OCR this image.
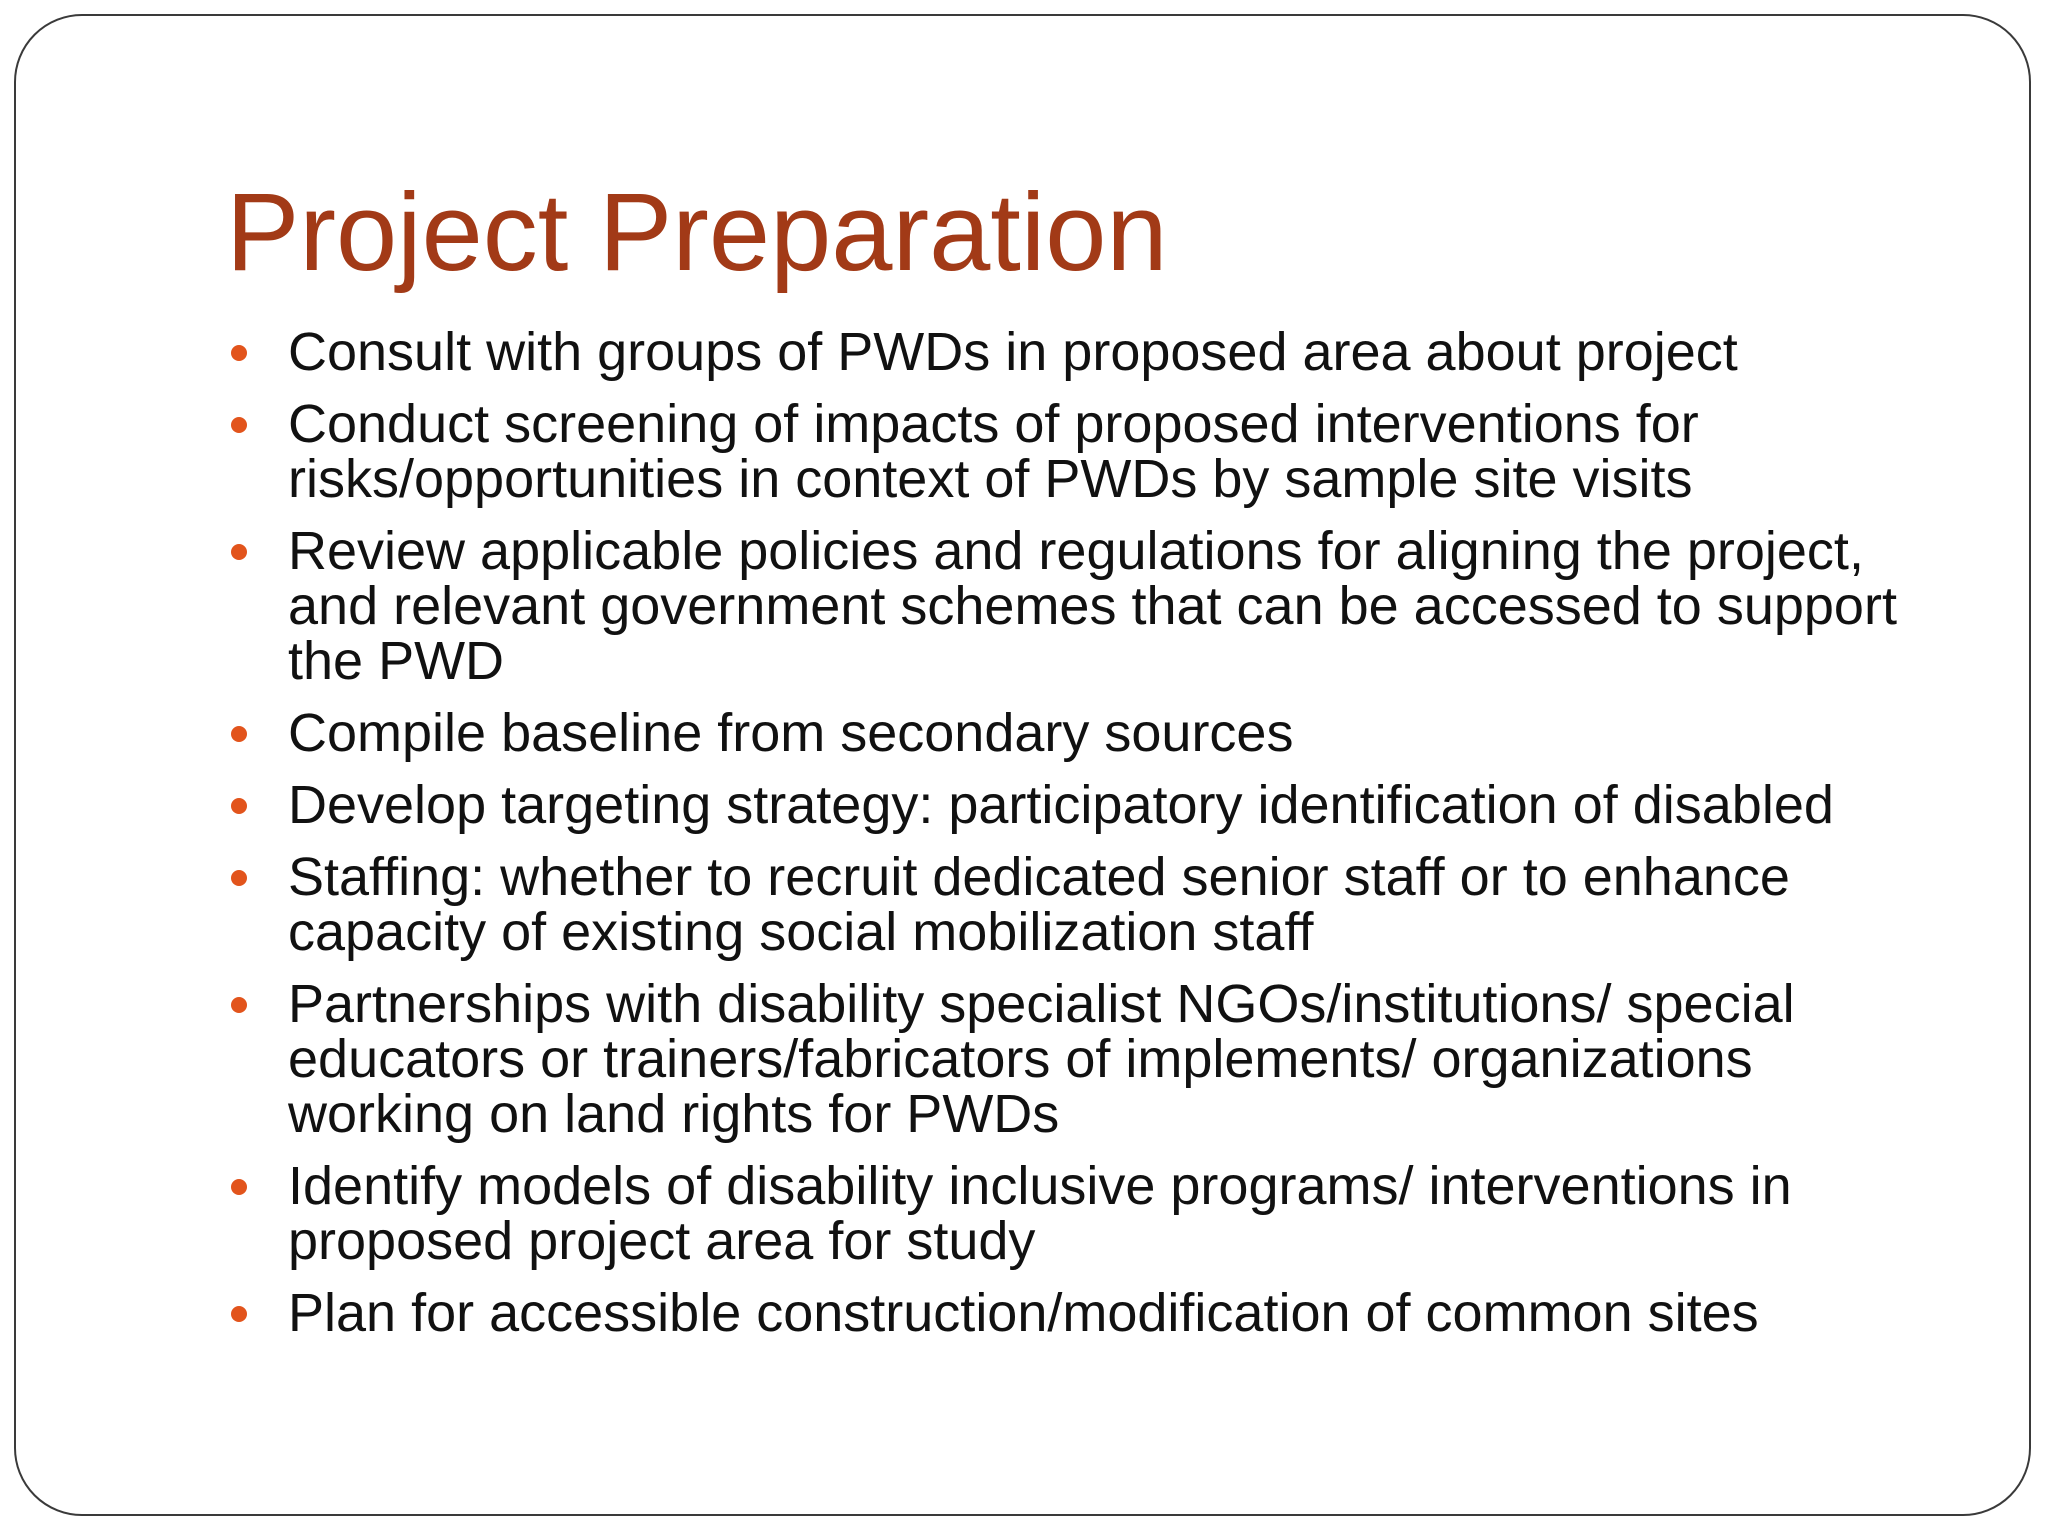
Project Preparation
Consult with groups of PWDs in proposed area about project
Conduct screening of impacts of proposed interventions for risks/opportunities in context of PWDs by sample site visits
Review applicable policies and regulations for aligning the project, and relevant government schemes that can be accessed to support the PWD
Compile baseline from secondary sources
Develop targeting strategy: participatory identification of disabled
Staffing: whether to recruit dedicated senior staff or to enhance capacity of existing social mobilization staff
Partnerships with disability specialist NGOs/institutions/ special educators or trainers/fabricators of implements/ organizations working on land rights for PWDs
Identify models of disability inclusive programs/ interventions in proposed project area for study
Plan for accessible construction/modification of common sites
